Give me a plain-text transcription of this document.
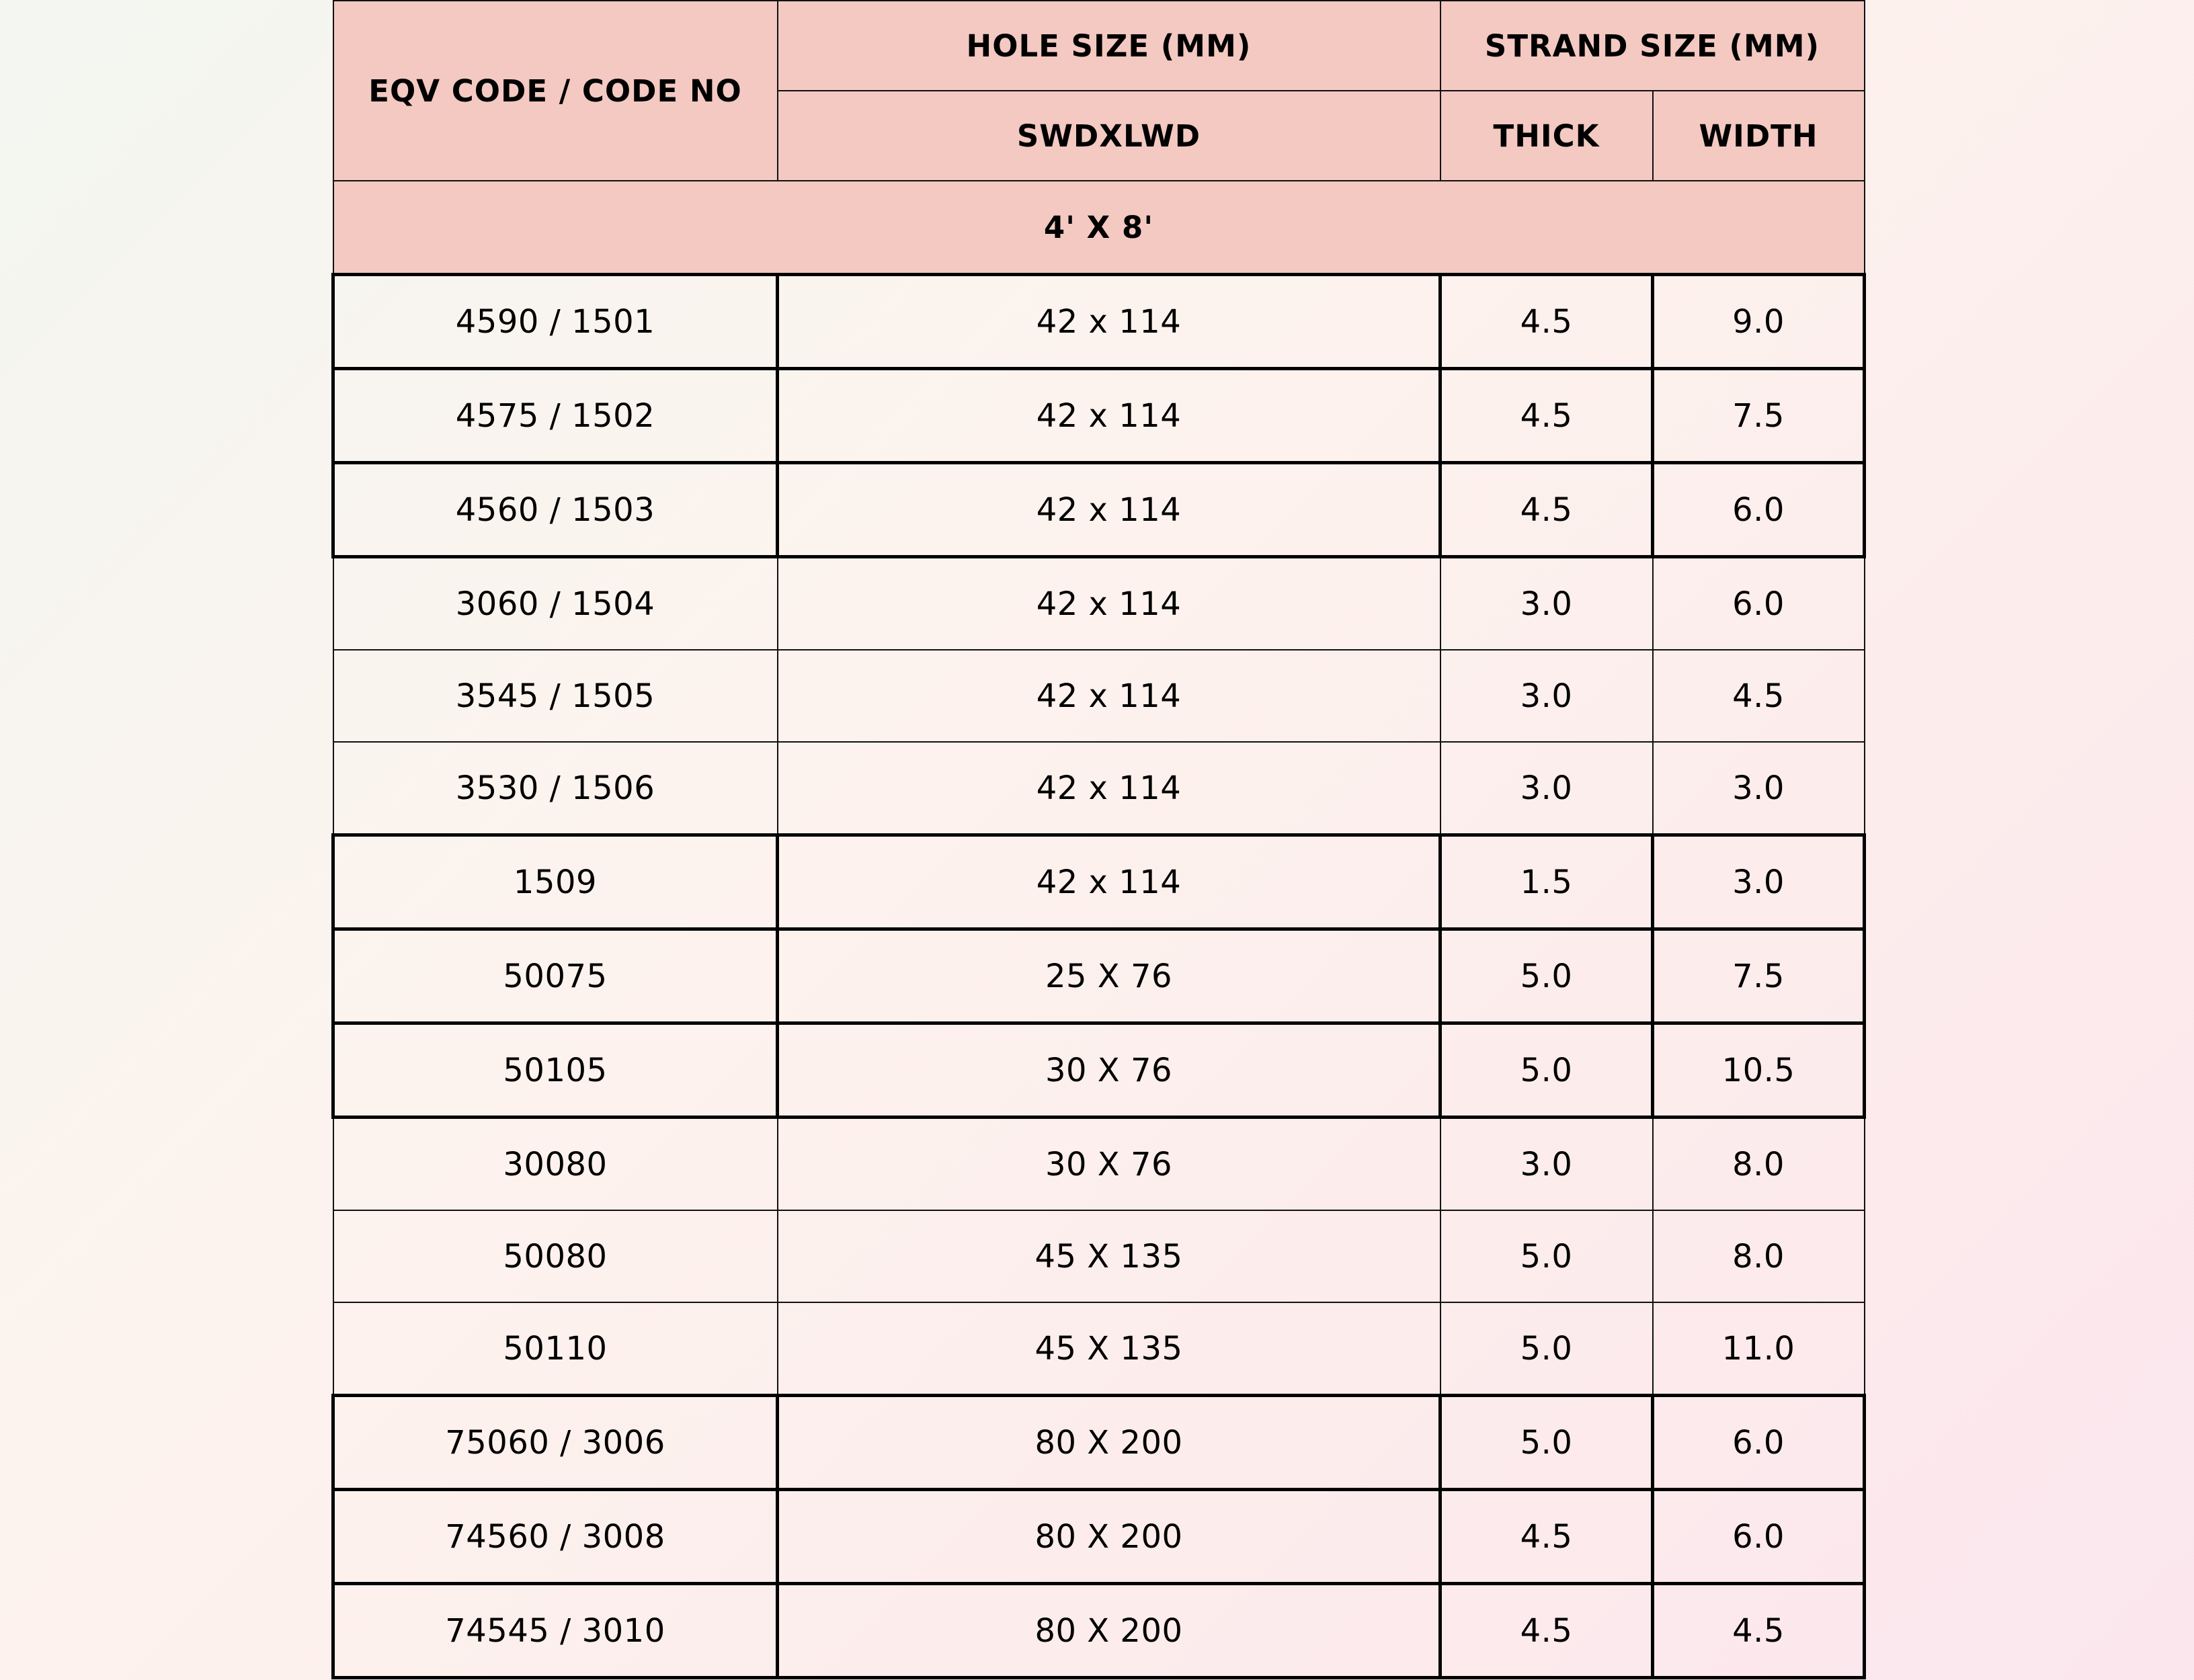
EQV CODE / CODE NO	HOLE SIZE (MM)	STRAND SIZE (MM)	
	SWDXLWD	THICK	WIDTH
4' X 8'			
4590 / 1501	42 x 114	4.5	9.0
4575 / 1502	42 x 114	4.5	7.5
4560 / 1503	42 x 114	4.5	6.0
3060 / 1504	42 x 114	3.0	6.0
3545 / 1505	42 x 114	3.0	4.5
3530 / 1506	42 x 114	3.0	3.0
1509	42 x 114	1.5	3.0
50075	25 X 76	5.0	7.5
50105	30 X 76	5.0	10.5
30080	30 X 76	3.0	8.0
50080	45 X 135	5.0	8.0
50110	45 X 135	5.0	11.0
75060 / 3006	80 X 200	5.0	6.0
74560 / 3008	80 X 200	4.5	6.0
74545 / 3010	80 X 200	4.5	4.5
